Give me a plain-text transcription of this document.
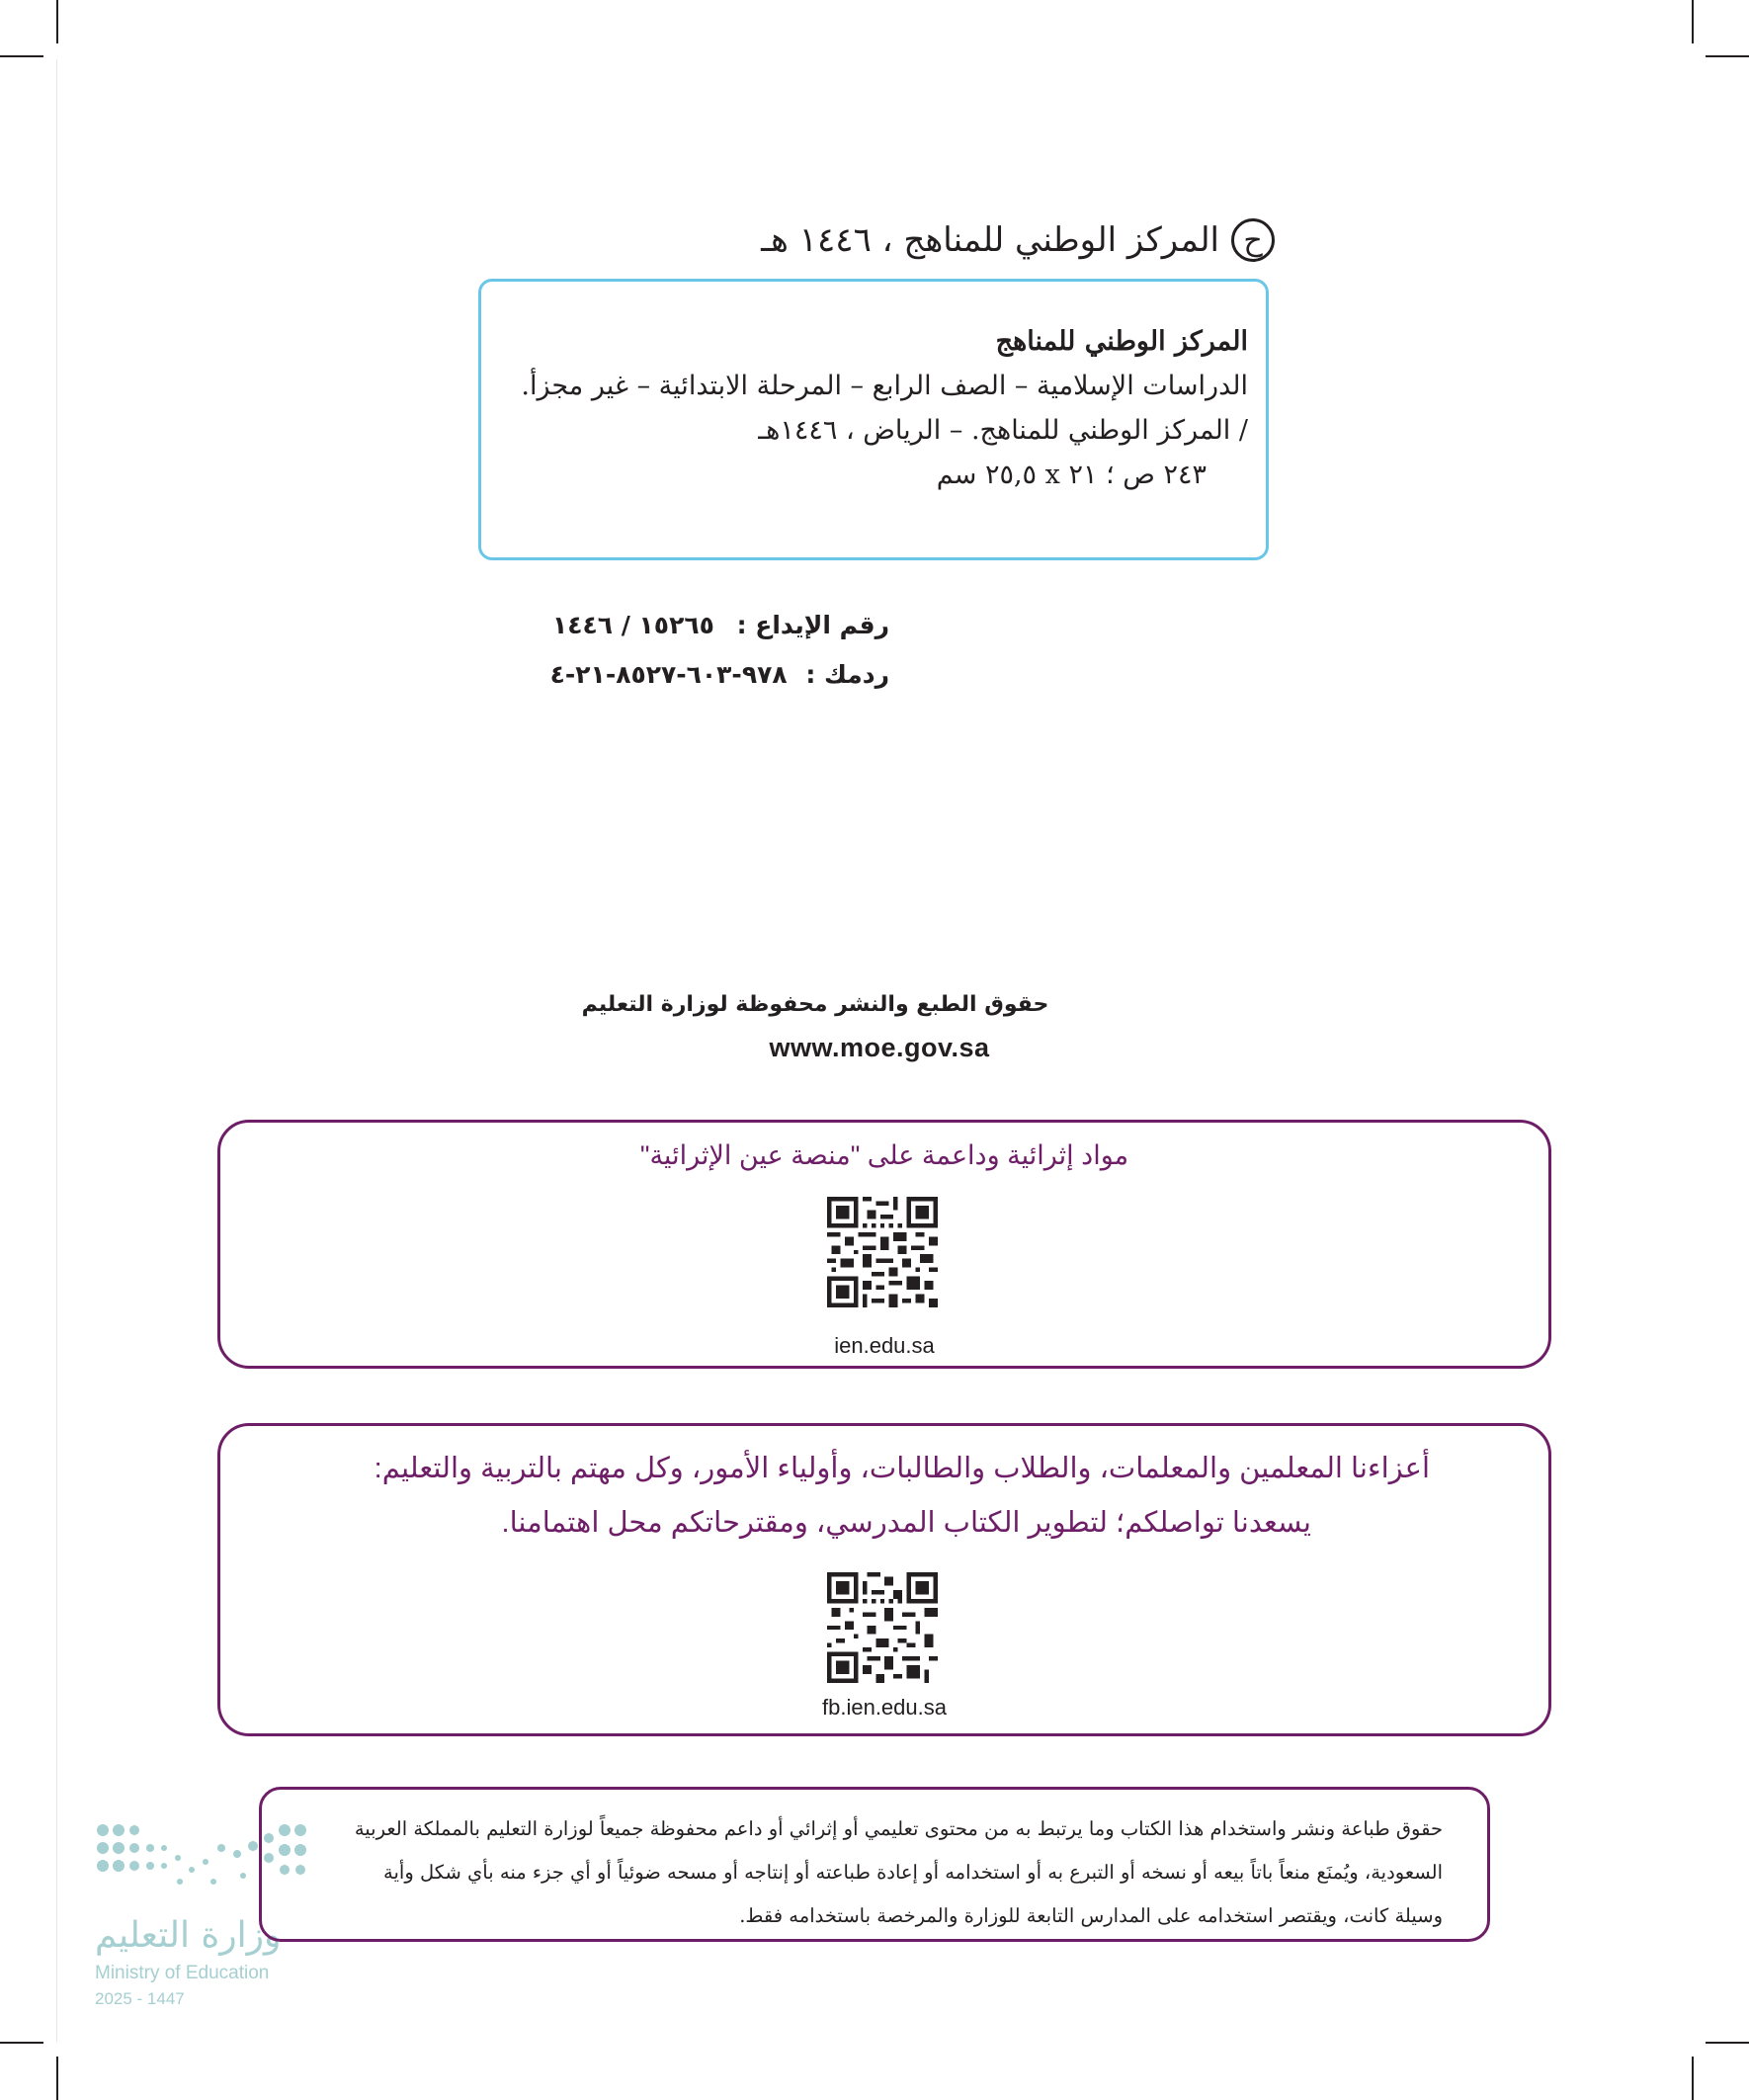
ح
المركز الوطني للمناهج ، ١٤٤٦ هـ
المركز الوطني للمناهج
الدراسات الإسلامية – الصف الرابع – المرحلة الابتدائية – غير مجزأ.
/ المركز الوطني للمناهج. – الرياض ، ١٤٤٦هـ
٢٤٣ ص ؛ ٢١ x ٢٥,٥ سم
رقم الإيداع : ١٥٢٦٥ / ١٤٤٦
ردمك : ٩٧٨-٦٠٣-٨٥٢٧-٢١-٤
حقوق الطبع والنشر محفوظة لوزارة التعليم
www.moe.gov.sa
مواد إثرائية وداعمة على "منصة عين الإثرائية"
ien.edu.sa
أعزاءنا المعلمين والمعلمات، والطلاب والطالبات، وأولياء الأمور، وكل مهتم بالتربية والتعليم:
يسعدنا تواصلكم؛ لتطوير الكتاب المدرسي، ومقترحاتكم محل اهتمامنا.
fb.ien.edu.sa
وزارة التعليم
Ministry of Education
2025 - 1447
حقوق طباعة ونشر واستخدام هذا الكتاب وما يرتبط به من محتوى تعليمي أو إثرائي أو داعم محفوظة جميعاً لوزارة التعليم بالمملكة العربية
السعودية، ويُمنَع منعاً باتاً بيعه أو نسخه أو التبرع به أو استخدامه أو إعادة طباعته أو إنتاجه أو مسحه ضوئياً أو أي جزء منه بأي شكل وأية
وسيلة كانت، ويقتصر استخدامه على المدارس التابعة للوزارة والمرخصة باستخدامه فقط.
